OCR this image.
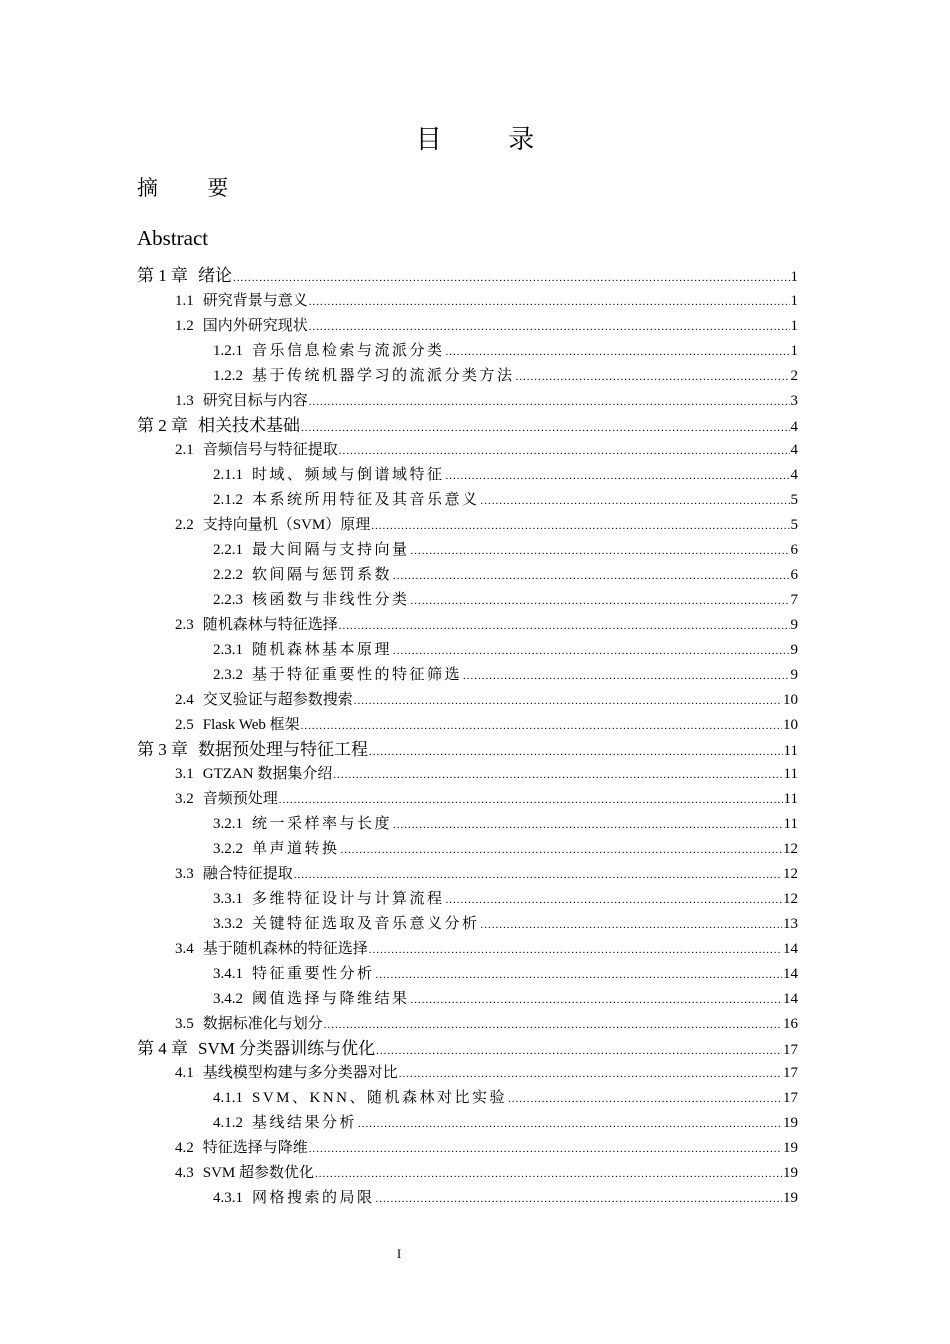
目 录
摘 要
Abstract
第 1 章 绪论 .....	1
1.1 研究背景与意义 .....	1
1.2 国内外研究现状 .....	1
1.2.1 音乐信息检索与流派分类 .....	1
1.2.2 基于传统机器学习的流派分类方法 .....	2
1.3 研究目标与内容 .....	3
第 2 章 相关技术基础 .....	4
2.1 音频信号与特征提取 .....	4
2.1.1 时域、频域与倒谱域特征 .....	4
2.1.2 本系统所用特征及其音乐意义 .....	5
2.2 支持向量机（SVM）原理 .....	5
2.2.1 最大间隔与支持向量 .....	6
2.2.2 软间隔与惩罚系数 .....	6
2.2.3 核函数与非线性分类 .....	7
2.3 随机森林与特征选择 .....	9
2.3.1 随机森林基本原理 .....	9
2.3.2 基于特征重要性的特征筛选 .....	9
2.4 交叉验证与超参数搜索 .....	10
2.5 Flask Web 框架 .....	10
第 3 章 数据预处理与特征工程 .....	11
3.1 GTZAN 数据集介绍 .....	11
3.2 音频预处理 .....	11
3.2.1 统一采样率与长度 .....	11
3.2.2 单声道转换 .....	12
3.3 融合特征提取 .....	12
3.3.1 多维特征设计与计算流程 .....	12
3.3.2 关键特征选取及音乐意义分析 .....	13
3.4 基于随机森林的特征选择 .....	14
3.4.1 特征重要性分析 .....	14
3.4.2 阈值选择与降维结果 .....	14
3.5 数据标准化与划分 .....	16
第 4 章 SVM 分类器训练与优化 .....	17
4.1 基线模型构建与多分类器对比 .....	17
4.1.1 SVM、KNN、随机森林对比实验 .....	17
4.1.2 基线结果分析 .....	19
4.2 特征选择与降维 .....	19
4.3 SVM 超参数优化 .....	19
4.3.1 网格搜索的局限 .....	19
I
